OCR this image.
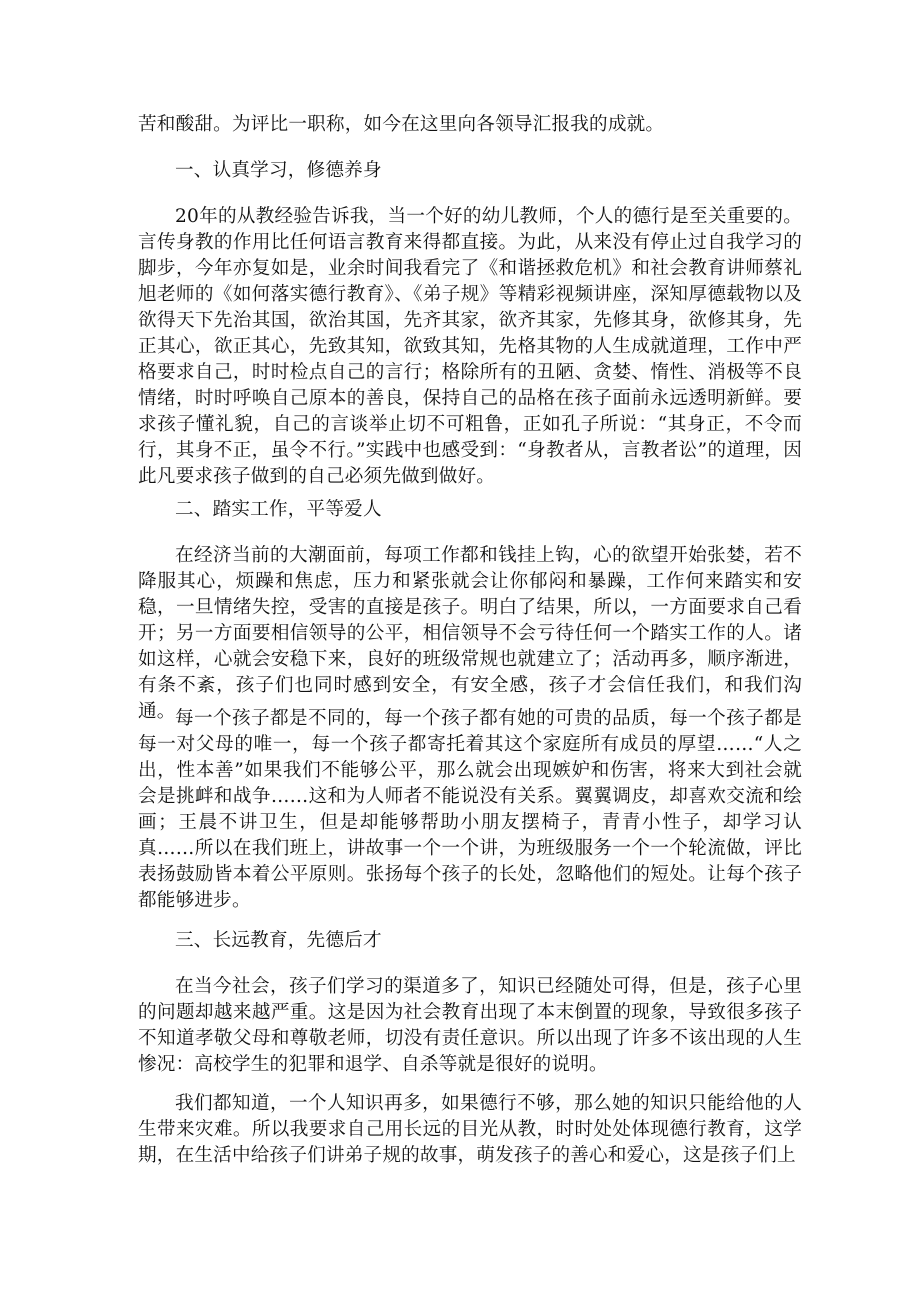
苦和酸甜。为评比一职称，如今在这里向各领导汇报我的成就。

一、认真学习，修德养身

20年的从教经验告诉我，当一个好的幼儿教师，个人的德行是至关重要的。言传身教的作用比任何语言教育来得都直接。为此，从来没有停止过自我学习的脚步，今年亦复如是，业余时间我看完了《和谐拯救危机》和社会教育讲师蔡礼旭老师的《如何落实德行教育》、《弟子规》等精彩视频讲座，深知厚德载物以及欲得天下先治其国，欲治其国，先齐其家，欲齐其家，先修其身，欲修其身，先正其心，欲正其心，先致其知，欲致其知，先格其物的人生成就道理，工作中严格要求自己，时时检点自己的言行；格除所有的丑陋、贪婪、惰性、消极等不良情绪，时时呼唤自己原本的善良，保持自己的品格在孩子面前永远透明新鲜。要求孩子懂礼貌，自己的言谈举止切不可粗鲁，正如孔子所说：“其身正，不令而行，其身不正，虽令不行。”实践中也感受到：“身教者从，言教者讼”的道理，因此凡要求孩子做到的自己必须先做到做好。

二、踏实工作，平等爱人

在经济当前的大潮面前，每项工作都和钱挂上钩，心的欲望开始张婪，若不降服其心，烦躁和焦虑，压力和紧张就会让你郁闷和暴躁，工作何来踏实和安稳，一旦情绪失控，受害的直接是孩子。明白了结果，所以，一方面要求自己看开；另一方面要相信领导的公平，相信领导不会亏待任何一个踏实工作的人。诸如这样，心就会安稳下来，良好的班级常规也就建立了；活动再多，顺序渐进，有条不紊，孩子们也同时感到安全，有安全感，孩子才会信任我们，和我们沟通。 每一个孩子都是不同的，每一个孩子都有她的可贵的品质，每一个孩子都是每一对父母的唯一，每一个孩子都寄托着其这个家庭所有成员的厚望……“人之出，性本善”如果我们不能够公平，那么就会出现嫉妒和伤害，将来大到社会就会是挑衅和战争……这和为人师者不能说没有关系。翼翼调皮，却喜欢交流和绘画；王晨不讲卫生，但是却能够帮助小朋友摆椅子，青青小性子，却学习认真……所以在我们班上，讲故事一个一个讲，为班级服务一个一个轮流做，评比表扬鼓励皆本着公平原则。张扬每个孩子的长处，忽略他们的短处。让每个孩子都能够进步。

三、长远教育，先德后才

在当今社会，孩子们学习的渠道多了，知识已经随处可得，但是，孩子心里的问题却越来越严重。这是因为社会教育出现了本末倒置的现象，导致很多孩子不知道孝敬父母和尊敬老师，切没有责任意识。所以出现了许多不该出现的人生惨况：高校学生的犯罪和退学、自杀等就是很好的说明。

我们都知道，一个人知识再多，如果德行不够，那么她的知识只能给他的人生带来灾难。所以我要求自己用长远的目光从教，时时处处体现德行教育，这学期，在生活中给孩子们讲弟子规的故事，萌发孩子的善心和爱心，这是孩子们上
